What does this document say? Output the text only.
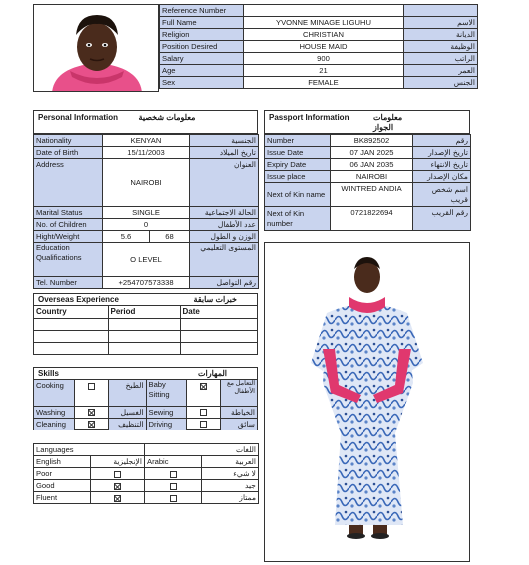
Reference Number		
Full Name	YVONNE MINAGE LIGUHU	الاسم
Religion	CHRISTIAN	الديانة
Position Desired	HOUSE MAID	الوظيفة
Salary	900	الراتب
Age	21	العمر
Sex	FEMALE	الجنس
Personal Information	معلومات شخصية
Nationality	KENYAN		الجنسية
Date of Birth	15/11/2003		تاريخ الميلاد
Address	NAIROBI		العنوان
Marital Status	SINGLE		الحالة الاجتماعية
No. of Children	0		عدد الأطفال
Hight/Weight	5.6	68	الوزن و الطول
Education Qualifications	O LEVEL		المستوى التعليمي
Tel. Number	+254707573338		رقم التواصل
Passport Information	معلومات الجواز
Number	BK892502	رقم
Issue Date	07 JAN 2025	تاريخ الإصدار
Expiry Date	06 JAN 2035	تاريخ الانتهاء
Issue place	NAIROBI	مكان الإصدار
Next of Kin name	WINTRED ANDIA	اسم شخص قريب
Next of Kin number	0721822694	رقم القريب
Overseas Experience	خبرات سابقة
Country	Period	Date

Skills	المهارات
Cooking		الطبخ	Baby Sitting		التعامل مع الأطفال
Washing		الغسيل	Sewing		الخياطة
Cleaning		التنظيف	Driving		سائق
Languages		اللغات	
English	الإنجليزية	Arabic	العربية
Poor			لا شيء
Good			جيد
Fluent			ممتاز
